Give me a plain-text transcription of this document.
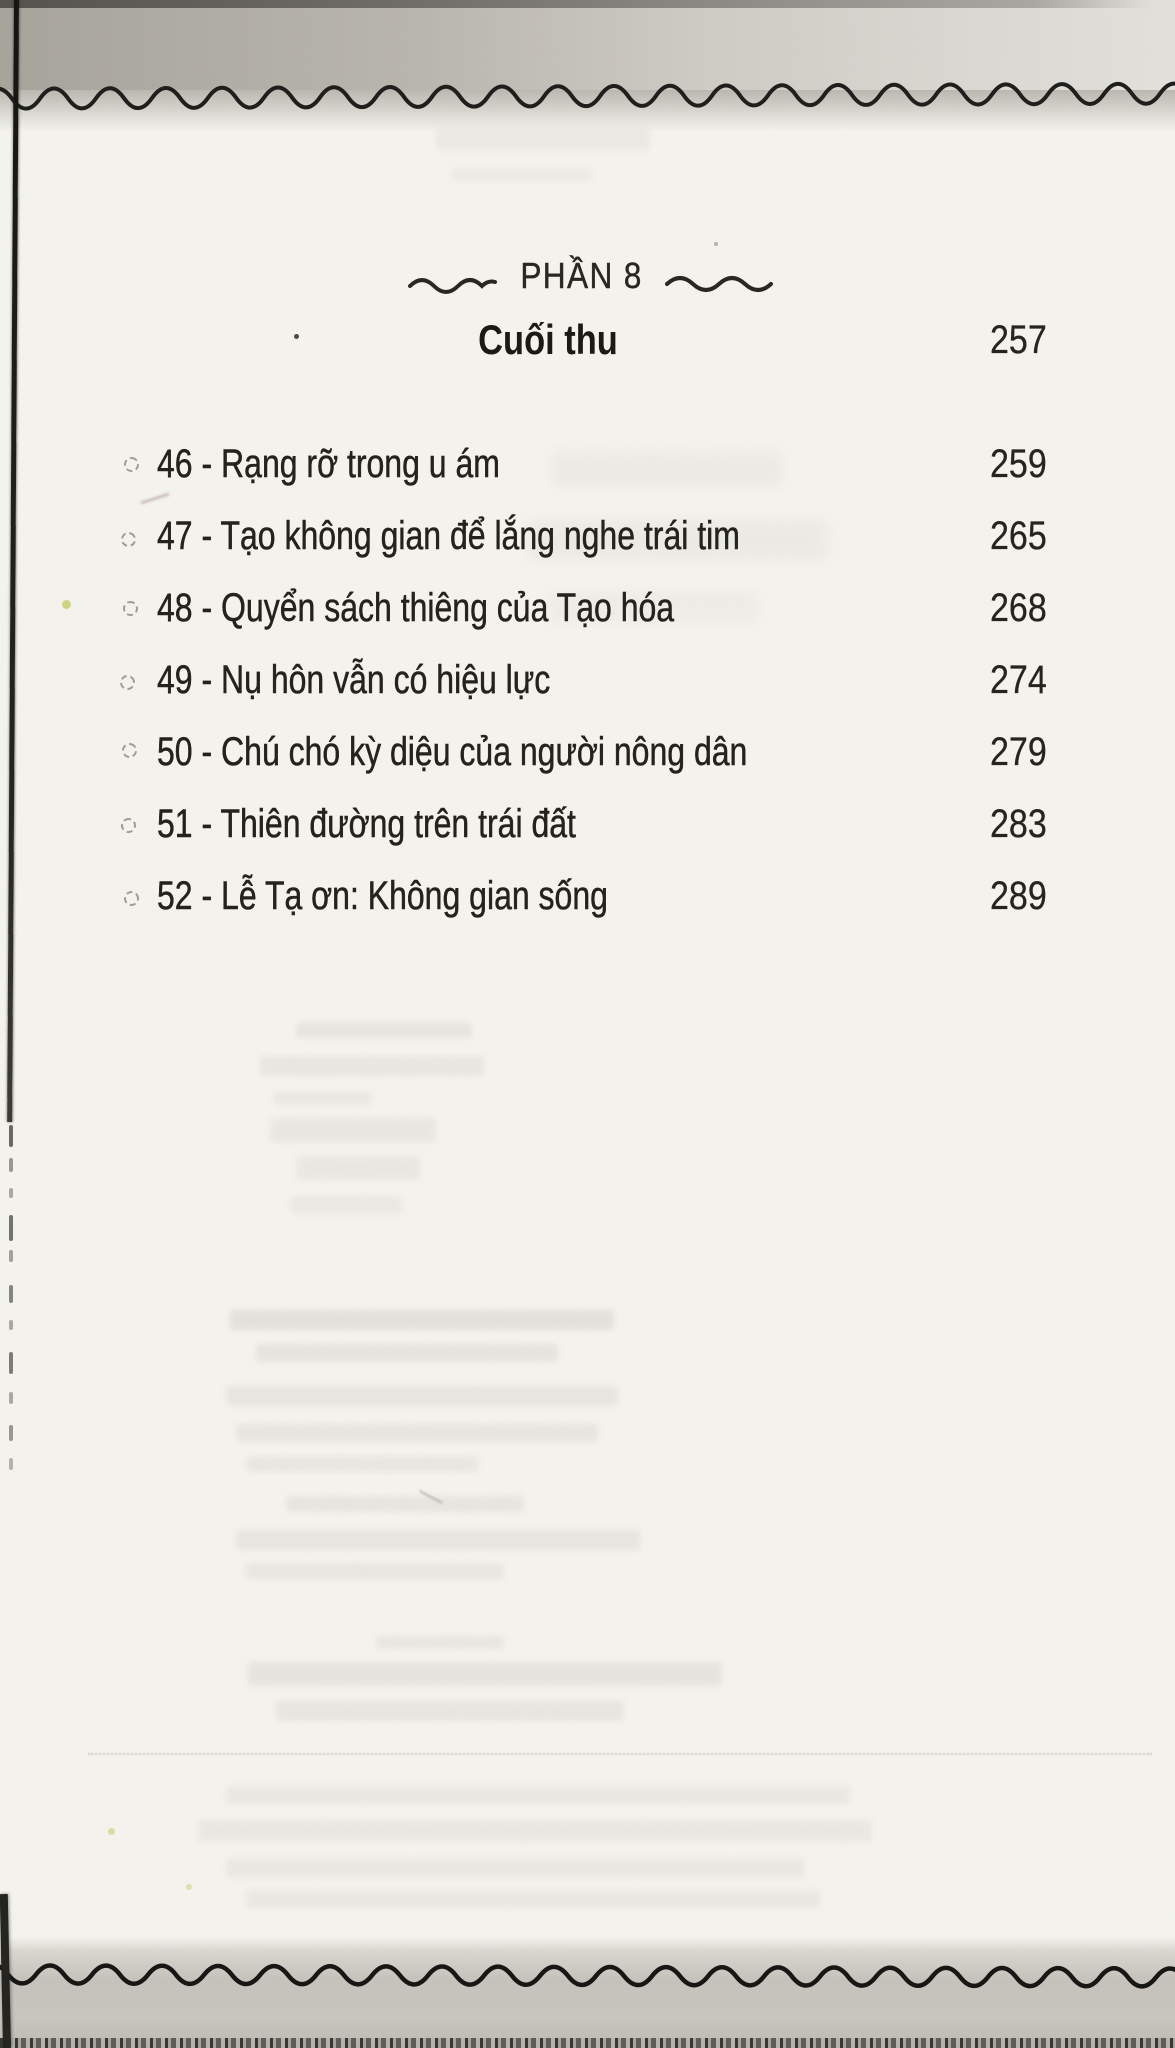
PHẦN 8
Cuối thu	257
46 - Rạng rỡ trong u ám	259
47 - Tạo không gian để lắng nghe trái tim	265
48 - Quyển sách thiêng của Tạo hóa	268
49 - Nụ hôn vẫn có hiệu lực	274
50 - Chú chó kỳ diệu của người nông dân	279
51 - Thiên đường trên trái đất	283
52 - Lễ Tạ ơn: Không gian sống	289
